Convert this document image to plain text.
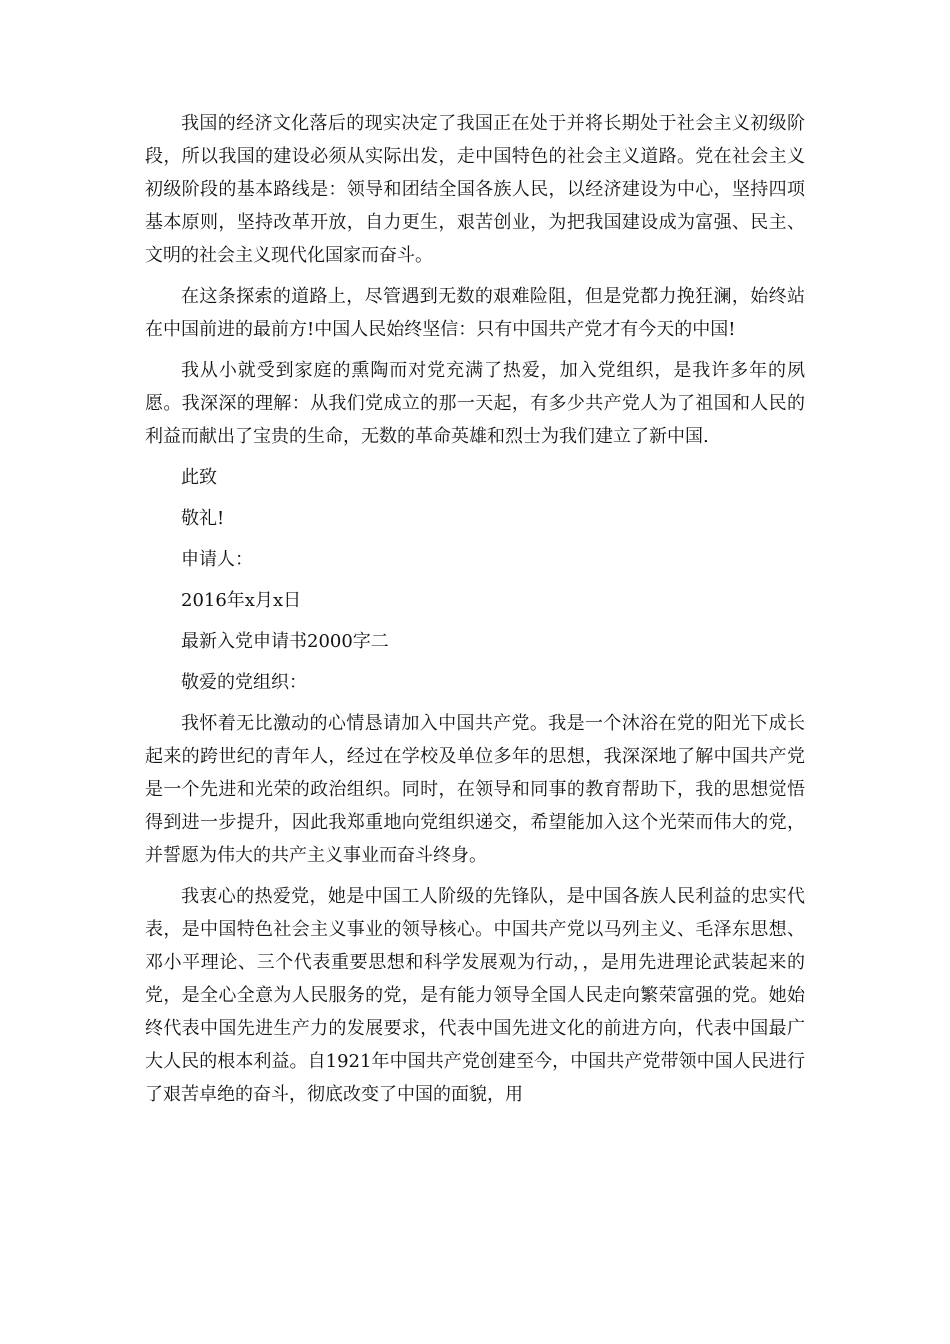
我国的经济文化落后的现实决定了我国正在处于并将长期处于社会主义初级阶段，所以我国的建设必须从实际出发，走中国特色的社会主义道路。党在社会主义初级阶段的基本路线是：领导和团结全国各族人民，以经济建设为中心，坚持四项基本原则，坚持改革开放，自力更生，艰苦创业，为把我国建设成为富强、民主、文明的社会主义现代化国家而奋斗。

在这条探索的道路上，尽管遇到无数的艰难险阻，但是党都力挽狂澜，始终站在中国前进的最前方!中国人民始终坚信：只有中国共产党才有今天的中国!

我从小就受到家庭的熏陶而对党充满了热爱，加入党组织，是我许多年的夙愿。我深深的理解：从我们党成立的那一天起，有多少共产党人为了祖国和人民的利益而献出了宝贵的生命，无数的革命英雄和烈士为我们建立了新中国.

此致
敬礼!
申请人：
2016年x月x日
最新入党申请书2000字二
敬爱的党组织：

我怀着无比激动的心情恳请加入中国共产党。我是一个沐浴在党的阳光下成长起来的跨世纪的青年人，经过在学校及单位多年的思想，我深深地了解中国共产党是一个先进和光荣的政治组织。同时，在领导和同事的教育帮助下，我的思想觉悟得到进一步提升，因此我郑重地向党组织递交，希望能加入这个光荣而伟大的党，并誓愿为伟大的共产主义事业而奋斗终身。

我衷心的热爱党，她是中国工人阶级的先锋队，是中国各族人民利益的忠实代表，是中国特色社会主义事业的领导核心。中国共产党以马列主义、毛泽东思想、邓小平理论、三个代表重要思想和科学发展观为行动，，是用先进理论武装起来的党，是全心全意为人民服务的党，是有能力领导全国人民走向繁荣富强的党。她始终代表中国先进生产力的发展要求，代表中国先进文化的前进方向，代表中国最广大人民的根本利益。自1921年中国共产党创建至今，中国共产党带领中国人民进行了艰苦卓绝的奋斗，彻底改变了中国的面貌，用
